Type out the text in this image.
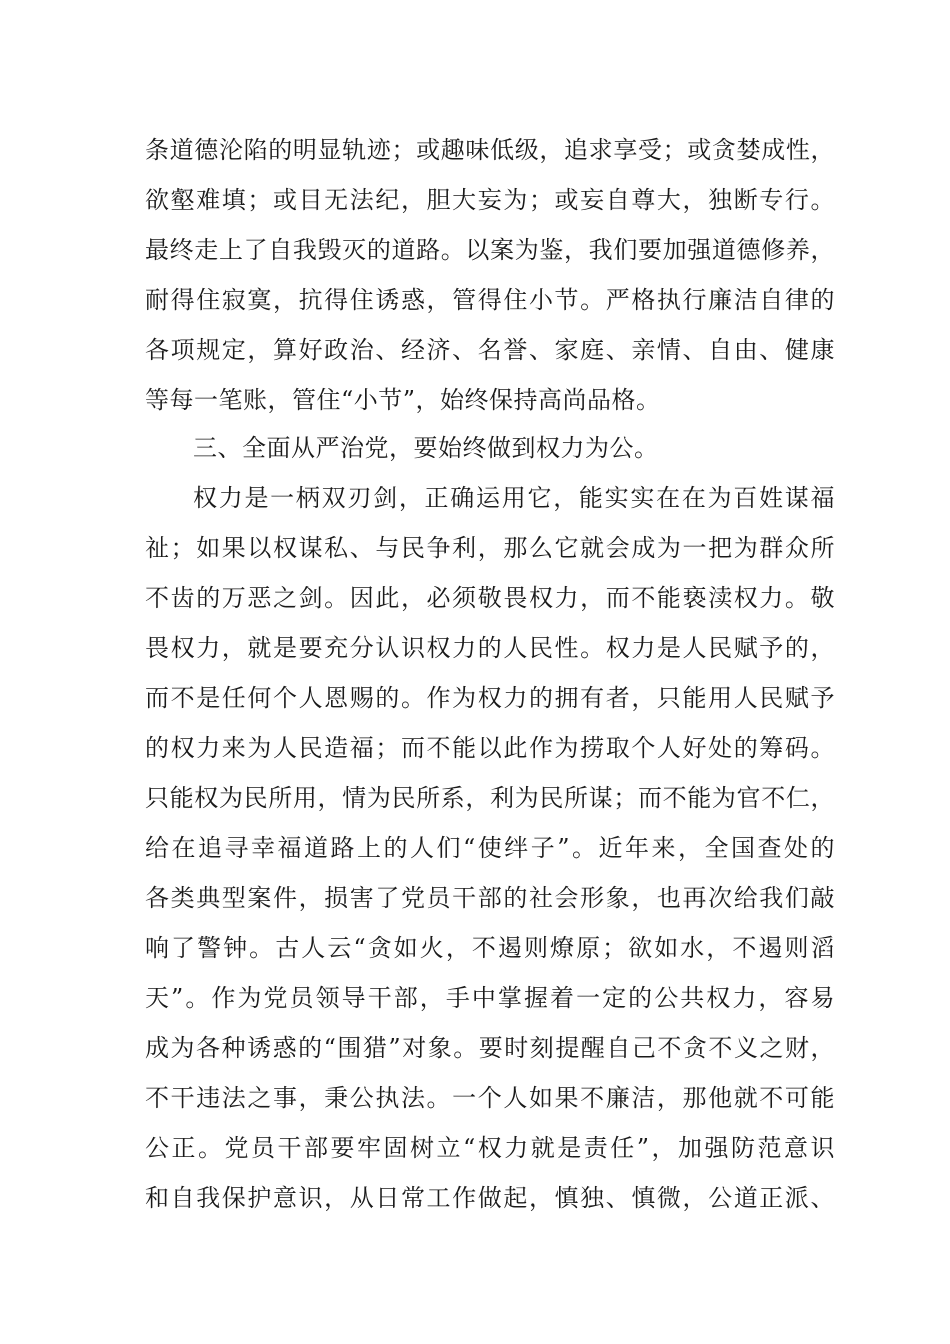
条道德沦陷的明显轨迹；或趣味低级，追求享受；或贪婪成性，
欲壑难填；或目无法纪，胆大妄为；或妄自尊大，独断专行。
最终走上了自我毁灭的道路。以案为鉴，我们要加强道德修养，
耐得住寂寞，抗得住诱惑，管得住小节。严格执行廉洁自律的
各项规定，算好政治、经济、名誉、家庭、亲情、自由、健康
等每一笔账，管住“小节”，始终保持高尚品格。
三、全面从严治党，要始终做到权力为公。
权力是一柄双刃剑，正确运用它，能实实在在为百姓谋福
祉；如果以权谋私、与民争利，那么它就会成为一把为群众所
不齿的万恶之剑。因此，必须敬畏权力，而不能亵渎权力。敬
畏权力，就是要充分认识权力的人民性。权力是人民赋予的，
而不是任何个人恩赐的。作为权力的拥有者，只能用人民赋予
的权力来为人民造福；而不能以此作为捞取个人好处的筹码。
只能权为民所用，情为民所系，利为民所谋；而不能为官不仁，
给在追寻幸福道路上的人们“使绊子”。近年来，全国查处的
各类典型案件，损害了党员干部的社会形象，也再次给我们敲
响了警钟。古人云“贪如火，不遏则燎原；欲如水，不遏则滔
天”。作为党员领导干部，手中掌握着一定的公共权力，容易
成为各种诱惑的“围猎”对象。要时刻提醒自己不贪不义之财，
不干违法之事，秉公执法。一个人如果不廉洁，那他就不可能
公正。党员干部要牢固树立“权力就是责任”，加强防范意识
和自我保护意识，从日常工作做起，慎独、慎微，公道正派、
